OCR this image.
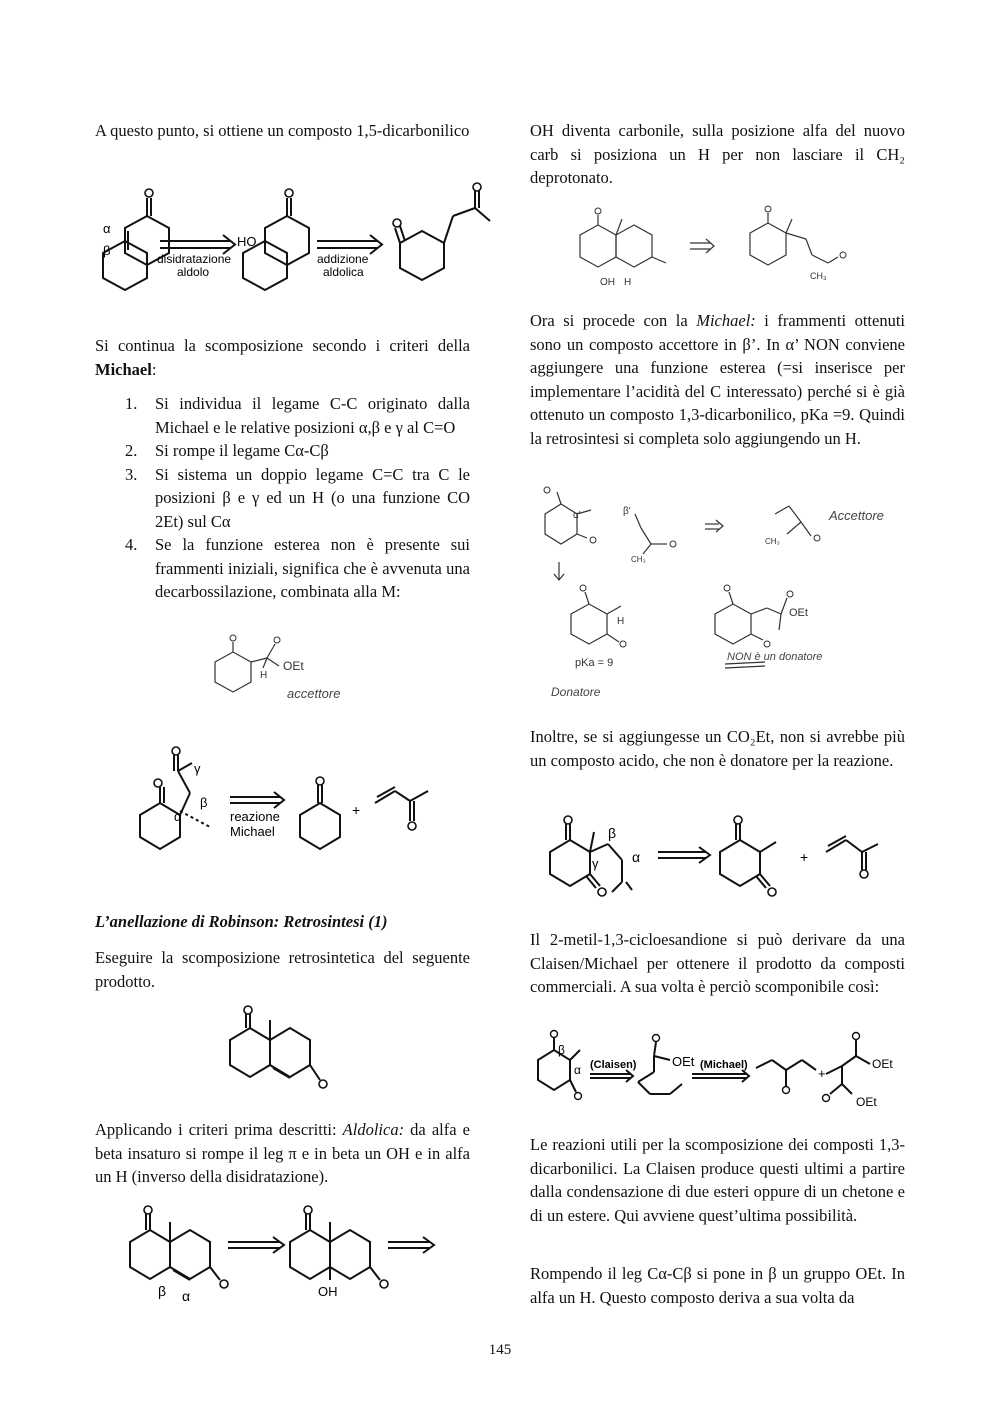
A questo punto, si ottiene un composto 1,5-dicarbonilico

α
β
HO
disidratazione
aldolo
addizione
aldolica

Si continua la scomposizione secondo i criteri della Michael:

1. Si individua il legame C-C originato dalla Michael e le relative posizioni α,β e γ al C=O
2. Si rompe il legame Cα-Cβ
3. Si sistema un doppio legame C=C tra C le posizioni β e γ ed un H (o una funzione CO 2Et) sul Cα
4. Se la funzione esterea non è presente sui frammenti iniziali, significa che è avvenuta una decarbossilazione, combinata alla M:
OEt
H
accettore
γ
β
α	reazione
Michael
+

L’anellazione di Robinson: Retrosintesi (1)

Eseguire la scomposizione retrosintetica del seguente prodotto.

Applicando i criteri prima descritti: Aldolica: da alfa e beta insaturo si rompe il leg π e in beta un OH e in alfa un H (inverso della disidratazione).

β α	OH

OH diventa carbonile, sulla posizione alfa del nuovo carb si posiziona un H per non lasciare il CH₂ deprotonato.

OH H
CH₃

Ora si procede con la Michael: i frammenti ottenuti sono un composto accettore in β’. In α’ NON conviene aggiungere una funzione esterea (=si inserisce per implementare l’acidità del C interessato) perché si è già ottenuto un composto 1,3-dicarbonilico, pKa =9. Quindi la retrosintesi si completa solo aggiungendo un H.

α'	β'
CH₃
CH₃
Accettore
H
pKa = 9
Donatore
OEt
NON è un donatore

Inoltre, se si aggiungesse un CO₂Et, non si avrebbe più un composto acido, che non è donatore per la reazione.

β
γ α	+

Il 2-metil-1,3-cicloesandione si può derivare da una Claisen/Michael per ottenere il prodotto da composti commerciali. A sua volta è perciò scomponibile così:

β
α (Claisen)	OEt (Michael)
+
OEt
OEt

Le reazioni utili per la scomposizione dei composti 1,3-dicarbonilici. La Claisen produce questi ultimi a partire dalla condensazione di due esteri oppure di un chetone e di un estere. Qui avviene quest’ultima possibilità.

Rompendo il leg Cα-Cβ si pone in β un gruppo OEt. In alfa un H. Questo composto deriva a sua volta da

145
